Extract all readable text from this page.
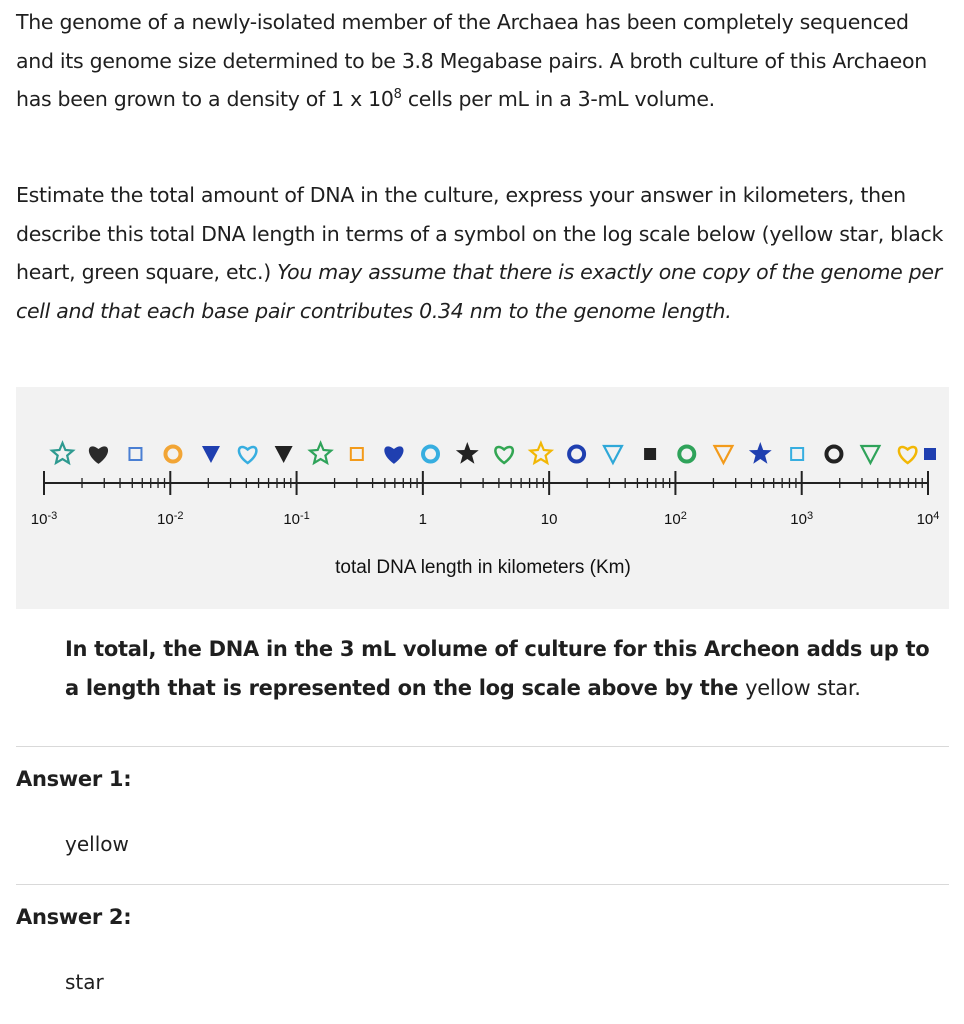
The genome of a newly-isolated member of the Archaea has been completely sequenced and its genome size determined to be 3.8 Megabase pairs. A broth culture of this Archaeon has been grown to a density of 1 x $10^8$ cells per mL in a 3-mL volume.
Estimate the total amount of DNA in the culture, express your answer in kilometers, then describe this total DNA length in terms of a symbol on the log scale below (yellow star, black heart, green square, etc.) You may assume that there is exactly one copy of the genome per cell and that each base pair contributes 0.34 nm to the genome length.
$10^{-3}$	$10^{-2}$	$10^{-1}$	1	10	$10^2$	$10^3$	$10^4$
total DNA length in kilometers (Km)
In total, the DNA in the 3 mL volume of culture for this Archeon adds up to a length that is represented on the log scale above by the yellow star.
Answer 1:
yellow
Answer 2:
star
